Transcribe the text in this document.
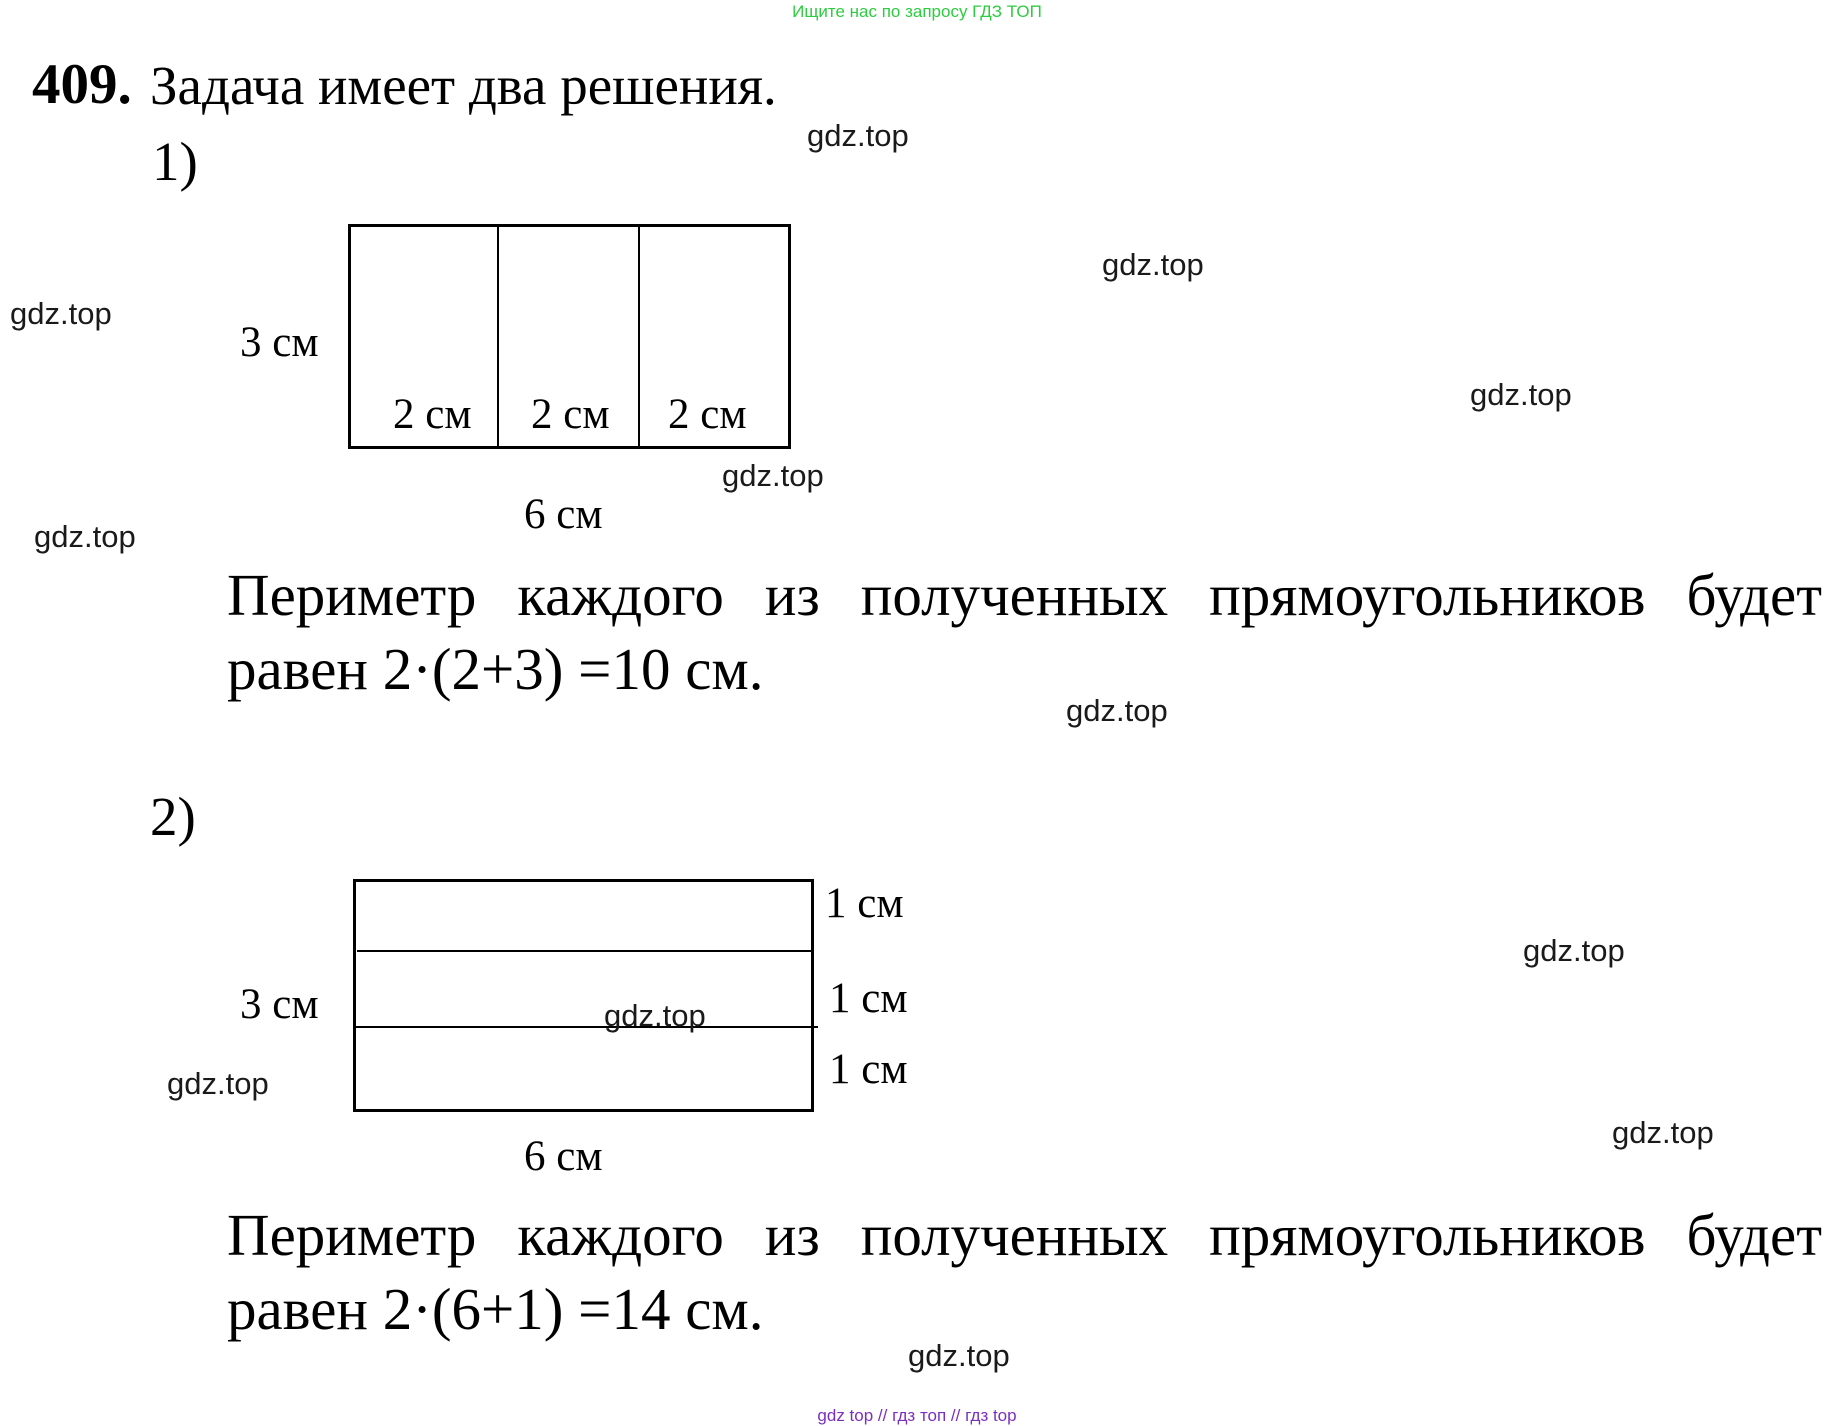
Ищите нас по запросу ГДЗ ТОП
409. Задача имеет два решения.
1)
3 см
2 см 2 см 2 см
6 см

Периметр каждого из полученных прямоугольников будет

равен 2·(2+3) =10 см.

2)
1 см
1 см
1 см
3 см
6 см

Периметр каждого из полученных прямоугольников будет

равен 2·(6+1) =14 см.

gdz.top
gdz.top
gdz.top
gdz.top
gdz.top
gdz.top
gdz.top
gdz.top
gdz.top
gdz.top
gdz.top
gdz.top
gdz top // гдз топ // гдз top
